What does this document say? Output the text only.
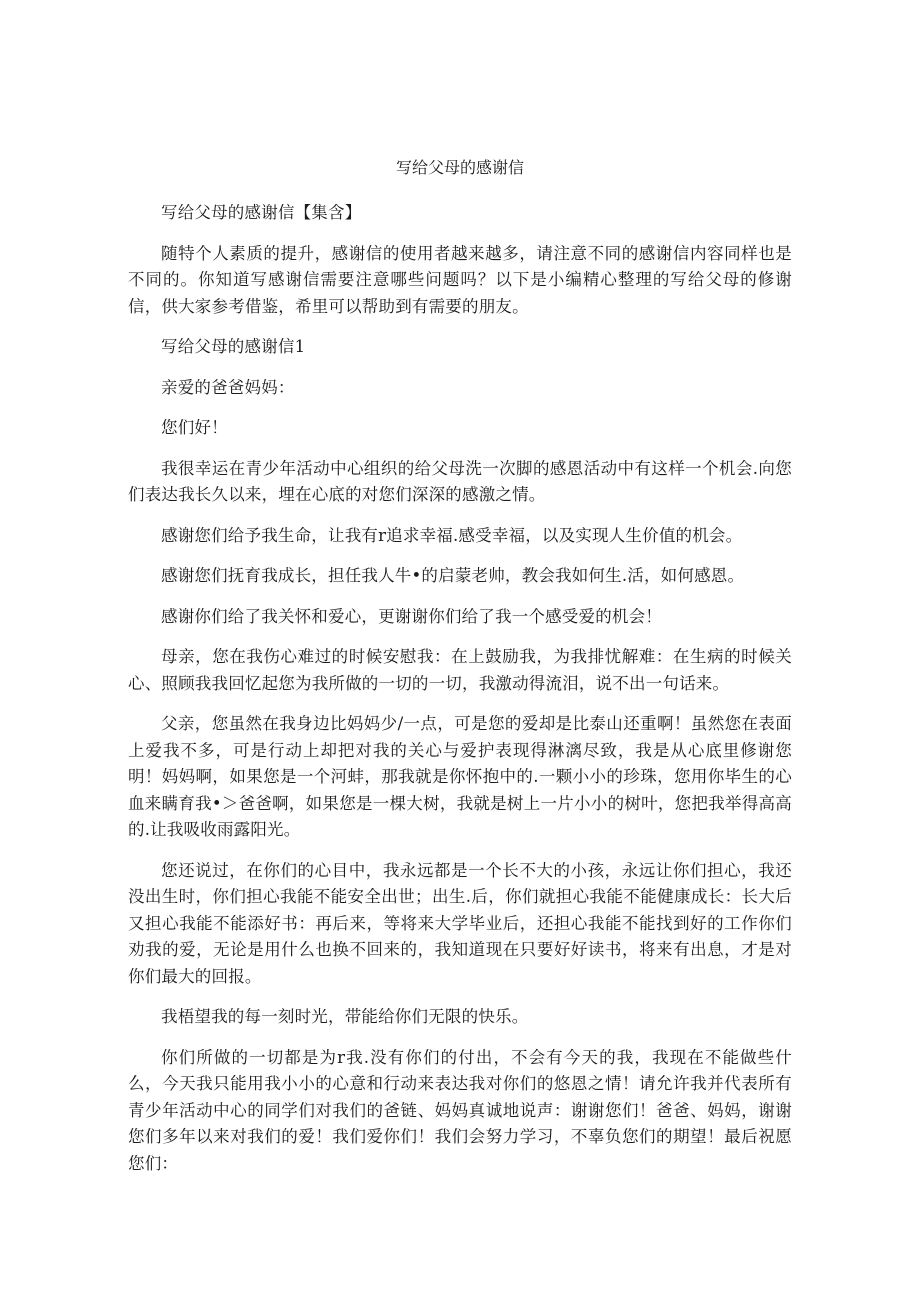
写给父母的感谢信

写给父母的感谢信【集含】

随特个人素质的提升，感谢信的使用者越来越多，请注意不同的感谢信内容同样也是不同的。你知道写感谢信需要注意哪些问题吗？以下是小编精心整理的写给父母的修谢信，供大家参考借鉴，希里可以帮助到有需要的朋友。

写给父母的感谢信1

亲爱的爸爸妈妈：

您们好！

我很幸运在青少年活动中心组织的给父母洗一次脚的感恩活动中有这样一个机会.向您们表达我长久以来，埋在心底的对您们深深的感激之情。

感谢您们给予我生命，让我有r追求幸福.感受幸福，以及实现人生价值的机会。

感谢您们抚育我成长，担任我人牛•的启蒙老帅，教会我如何生.活，如何感恩。

感谢你们给了我关怀和爱心，更谢谢你们给了我一个感受爱的机会！

母亲，您在我伤心难过的时候安慰我：在上鼓励我，为我排忧解难：在生病的时候关心、照顾我我回忆起您为我所做的一切的一切，我激动得流泪，说不出一句话来。

父亲，您虽然在我身边比妈妈少/一点，可是您的爱却是比泰山还重啊！虽然您在表面上爱我不多，可是行动上却把对我的关心与爱护表现得淋漓尽致，我是从心底里修谢您明！妈妈啊，如果您是一个河蚌，那我就是你怀抱中的.一颗小小的珍珠，您用你毕生的心血来瞒育我•＞爸爸啊，如果您是一棵大树，我就是树上一片小小的树叶，您把我举得高高的.让我吸收雨露阳光。

您还说过，在你们的心目中，我永远都是一个长不大的小孩，永远让你们担心，我还没出生时，你们担心我能不能安全出世；出生.后，你们就担心我能不能健康成长：长大后又担心我能不能添好书：再后来，等将来大学毕业后，还担心我能不能找到好的工作你们劝我的爱，无论是用什么也换不回来的，我知道现在只要好好读书，将来有出息，才是对你们最大的回报。

我梧望我的每一刻时光，带能给你们无限的快乐。

你们所做的一切都是为r我.没有你们的付出，不会有今天的我，我现在不能做些什么，今天我只能用我小小的心意和行动来表达我对你们的悠恩之情！请允许我并代表所有青少年活动中心的同学们对我们的爸链、妈妈真诚地说声：谢谢您们！爸爸、妈妈，谢谢您们多年以来对我们的爱！我们爱你们！我们会努力学习，不辜负您们的期望！最后祝愿您们：
